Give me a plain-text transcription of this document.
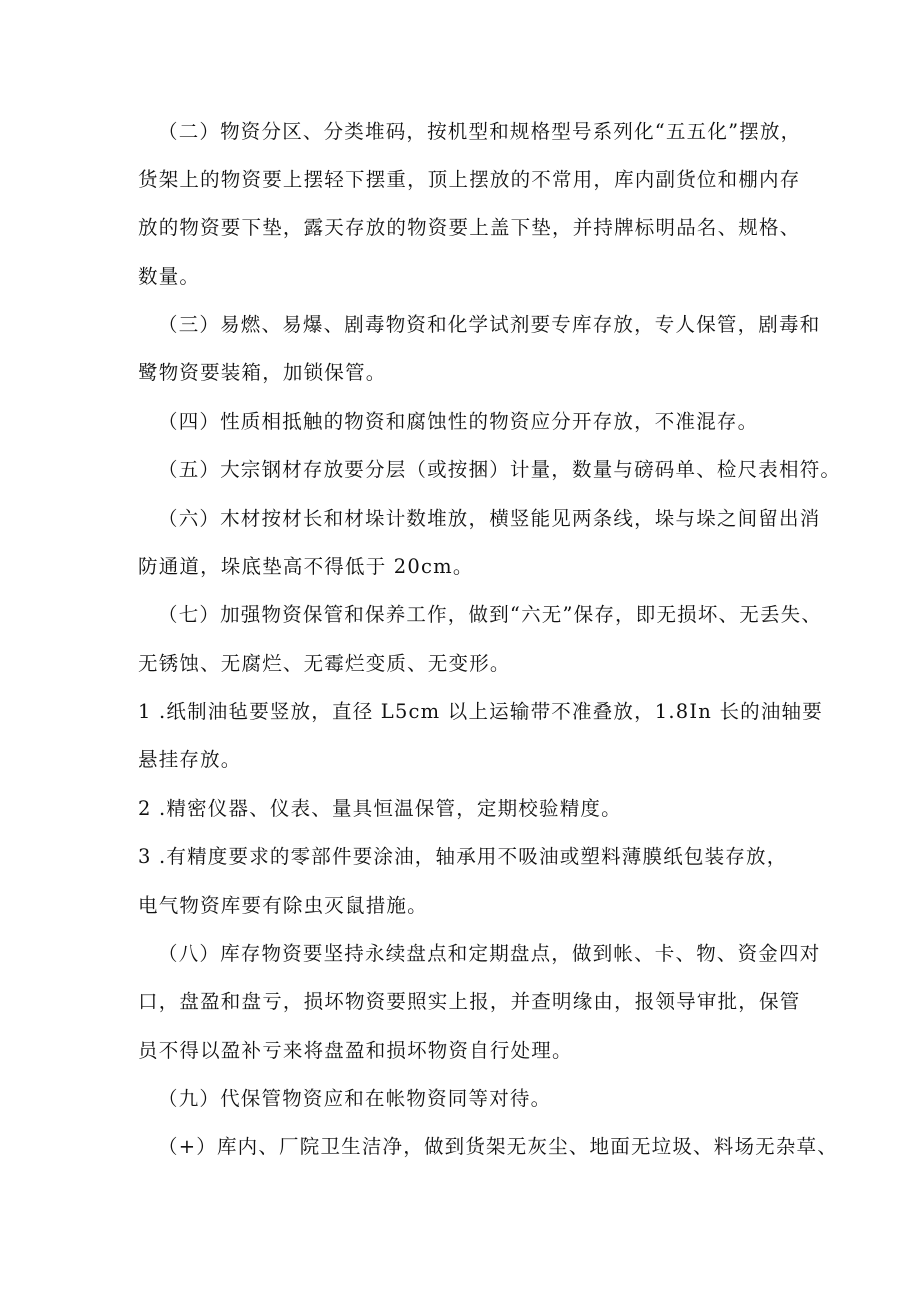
（二）物资分区、分类堆码，按机型和规格型号系列化“五五化”摆放，
货架上的物资要上摆轻下摆重，顶上摆放的不常用，库内副货位和棚内存
放的物资要下垫，露天存放的物资要上盖下垫，并持牌标明品名、规格、
数量。
（三）易燃、易爆、剧毒物资和化学试剂要专库存放，专人保管，剧毒和
鹭物资要装箱，加锁保管。
（四）性质相抵触的物资和腐蚀性的物资应分开存放，不准混存。
（五）大宗钢材存放要分层（或按捆）计量，数量与磅码单、检尺表相符。
（六）木材按材长和材垛计数堆放，横竖能见两条线，垛与垛之间留出消
防通道，垛底垫高不得低于 20cm。
（七）加强物资保管和保养工作，做到“六无”保存，即无损坏、无丢失、
无锈蚀、无腐烂、无霉烂变质、无变形。
1 .纸制油毡要竖放，直径 L5cm 以上运输带不准叠放，1.8In 长的油轴要
悬挂存放。
2 .精密仪器、仪表、量具恒温保管，定期校验精度。
3 .有精度要求的零部件要涂油，轴承用不吸油或塑料薄膜纸包装存放，
电气物资库要有除虫灭鼠措施。
（八）库存物资要坚持永续盘点和定期盘点，做到帐、卡、物、资金四对
口，盘盈和盘亏，损坏物资要照实上报，并查明缘由，报领导审批，保管
员不得以盈补亏来将盘盈和损坏物资自行处理。
（九）代保管物资应和在帐物资同等对待。
（+）库内、厂院卫生洁净，做到货架无灰尘、地面无垃圾、料场无杂草、
